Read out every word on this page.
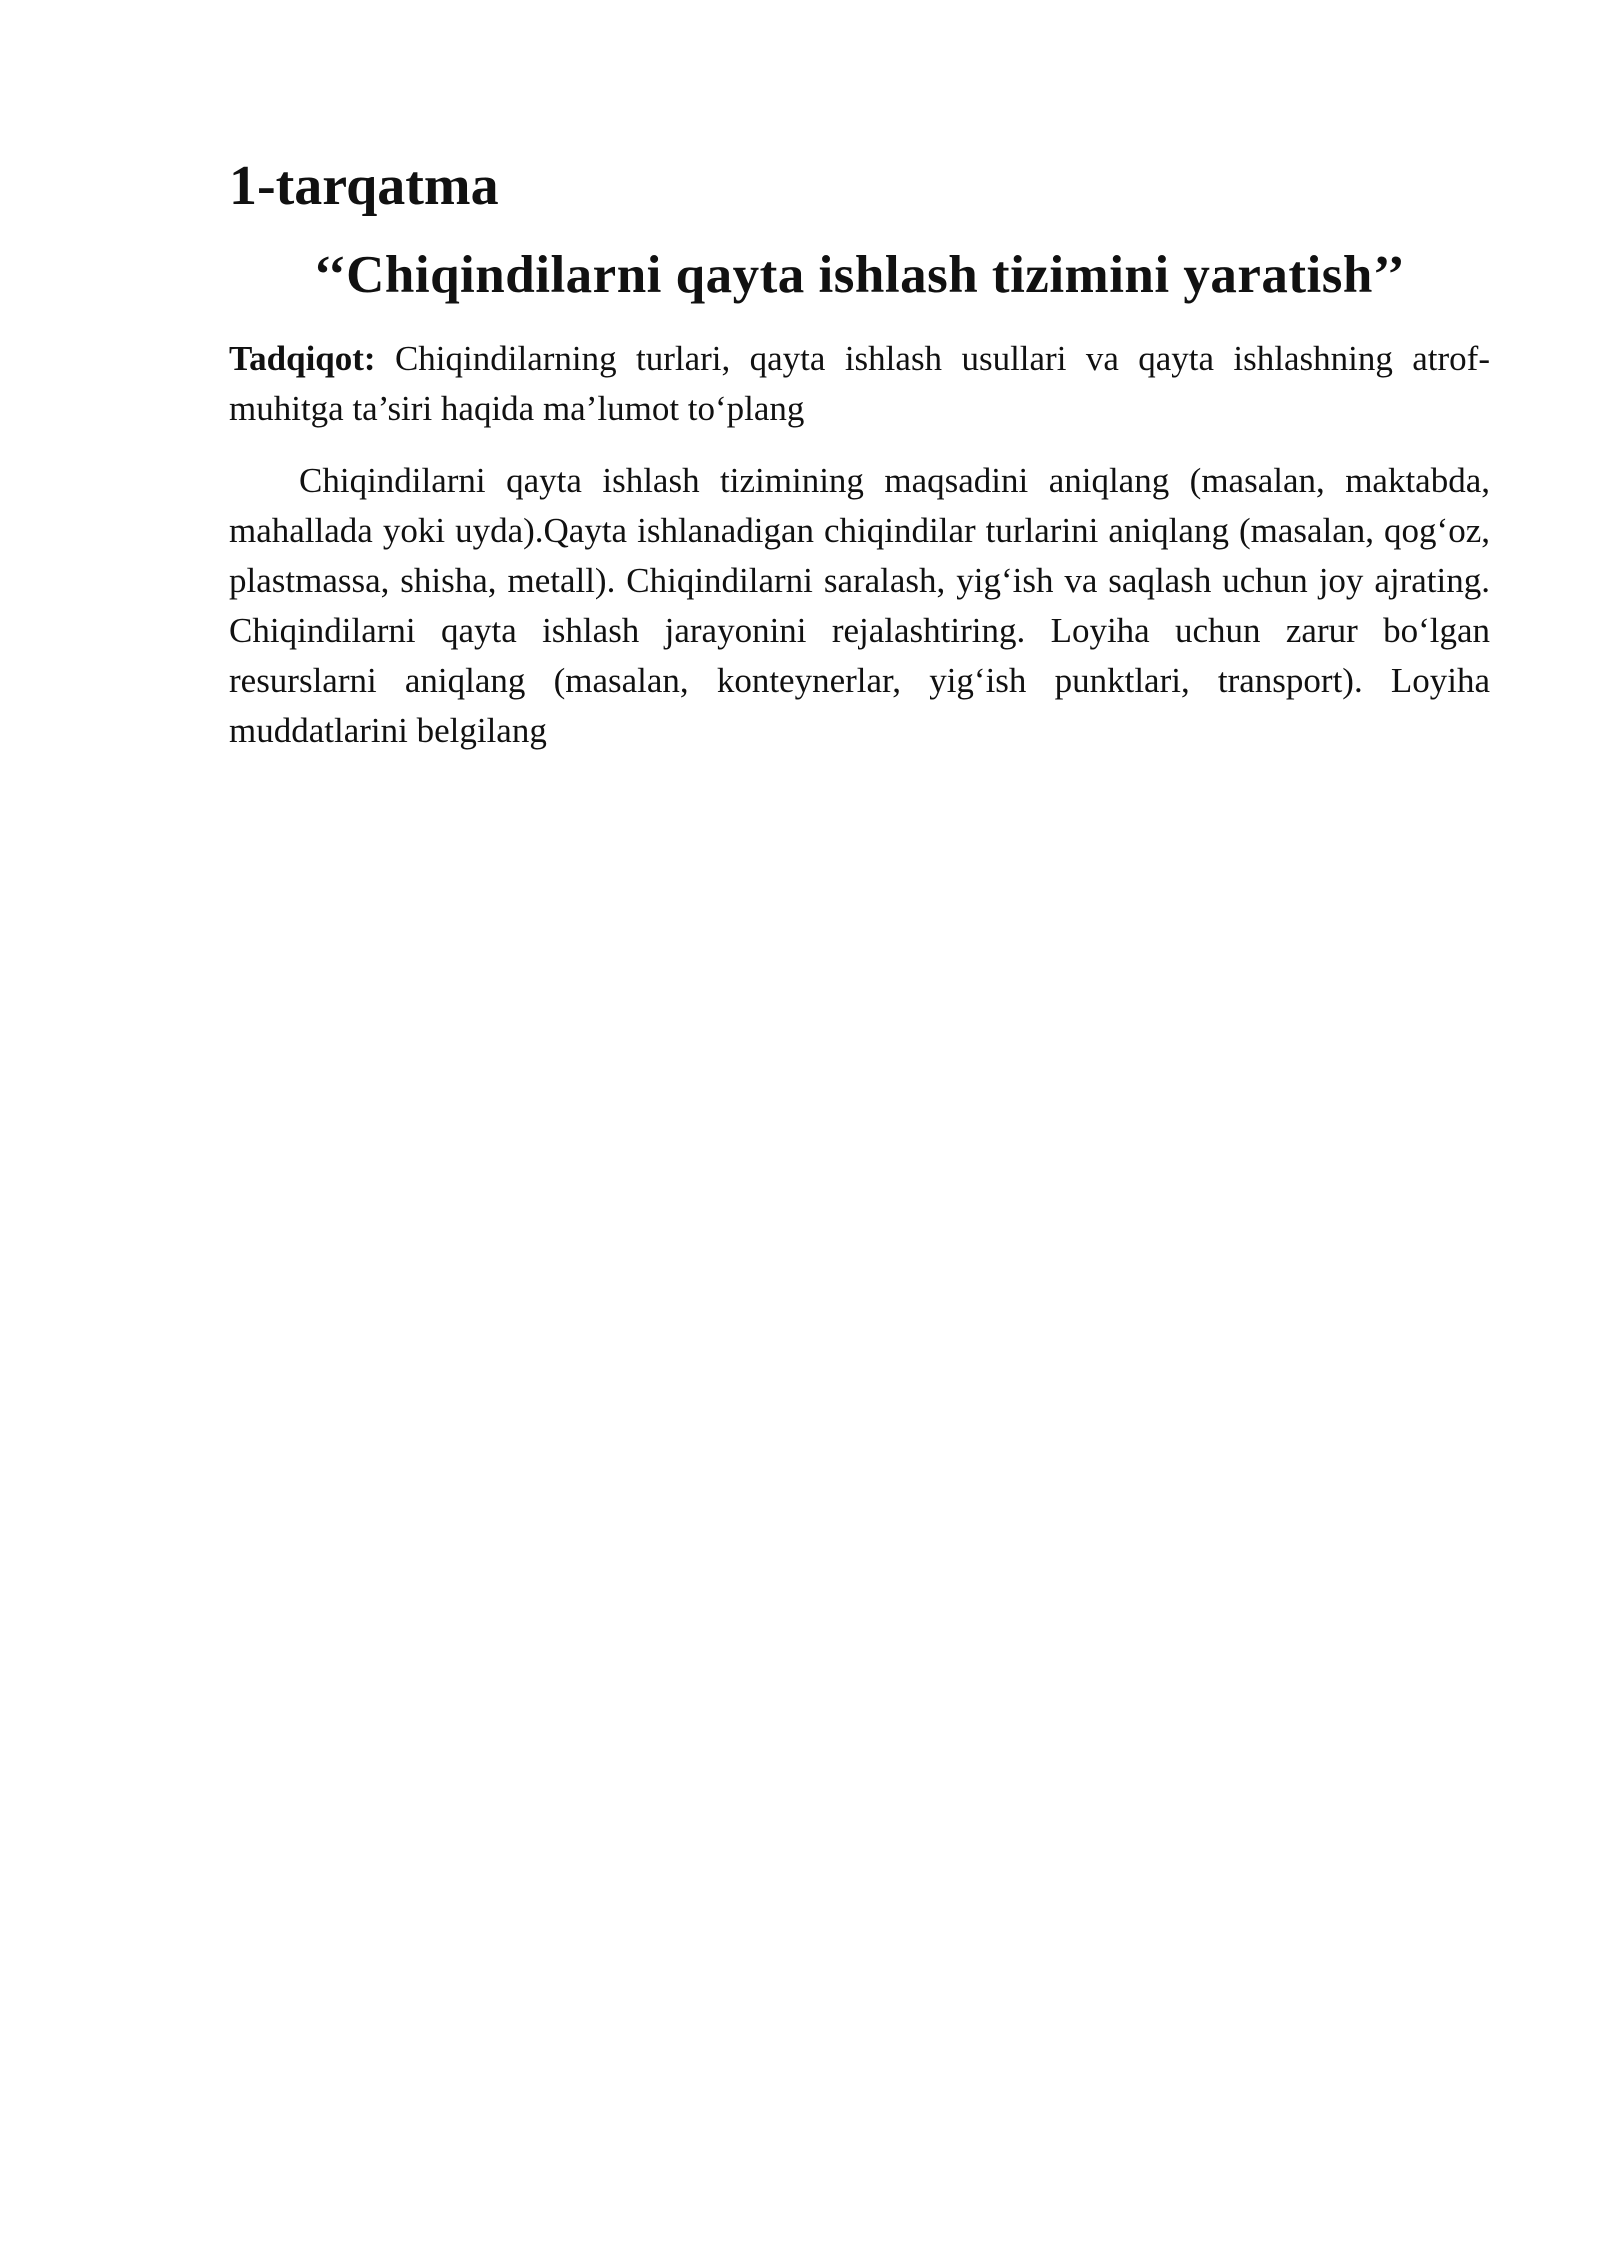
1-tarqatma
‘‘Chiqindilarni qayta ishlash tizimini yaratish’’

Tadqiqot: Chiqindilarning turlari, qayta ishlash usullari va qayta ishlashning atrof-muhitga ta’siri haqida ma’lumot to‘plang

Chiqindilarni qayta ishlash tizimining maqsadini aniqlang (masalan, maktabda, mahallada yoki uyda).Qayta ishlanadigan chiqindilar turlarini aniqlang (masalan, qog‘oz, plastmassa, shisha, metall). Chiqindilarni saralash, yig‘ish va saqlash uchun joy ajrating. Chiqindilarni qayta ishlash jarayonini rejalashtiring. Loyiha uchun zarur bo‘lgan resurslarni aniqlang (masalan, konteynerlar, yig‘ish punktlari, transport). Loyiha muddatlarini belgilang
